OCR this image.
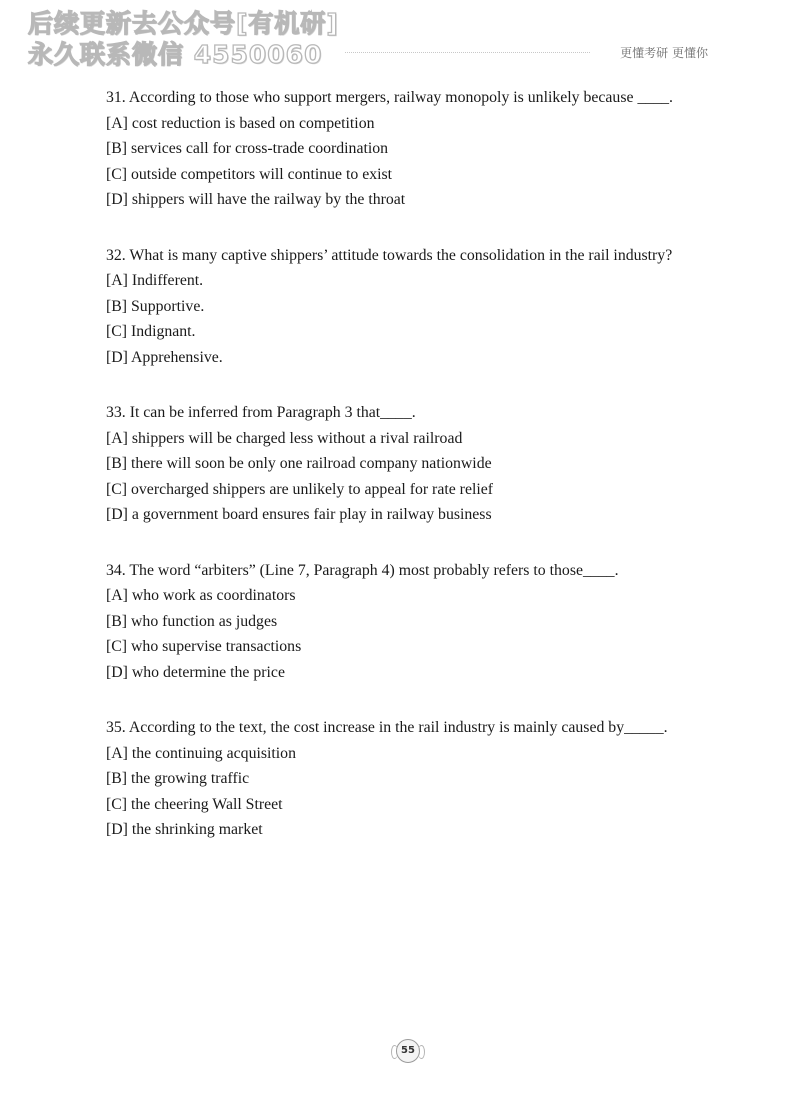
后续更新去公众号[有机研]
永久联系微信 4550060	更懂考研 更懂你
31. According to those who support mergers, railway monopoly is unlikely because ____.
[A] cost reduction is based on competition
[B] services call for cross-trade coordination
[C] outside competitors will continue to exist
[D] shippers will have the railway by the throat
32. What is many captive shippers’ attitude towards the consolidation in the rail industry?
[A] Indifferent.
[B] Supportive.
[C] Indignant.
[D] Apprehensive.
33. It can be inferred from Paragraph 3 that____.
[A] shippers will be charged less without a rival railroad
[B] there will soon be only one railroad company nationwide
[C] overcharged shippers are unlikely to appeal for rate relief
[D] a government board ensures fair play in railway business
34. The word “arbiters” (Line 7, Paragraph 4) most probably refers to those____.
[A] who work as coordinators
[B] who function as judges
[C] who supervise transactions
[D] who determine the price
35. According to the text, the cost increase in the rail industry is mainly caused by_____.
[A] the continuing acquisition
[B] the growing traffic
[C] the cheering Wall Street
[D] the shrinking market
55
